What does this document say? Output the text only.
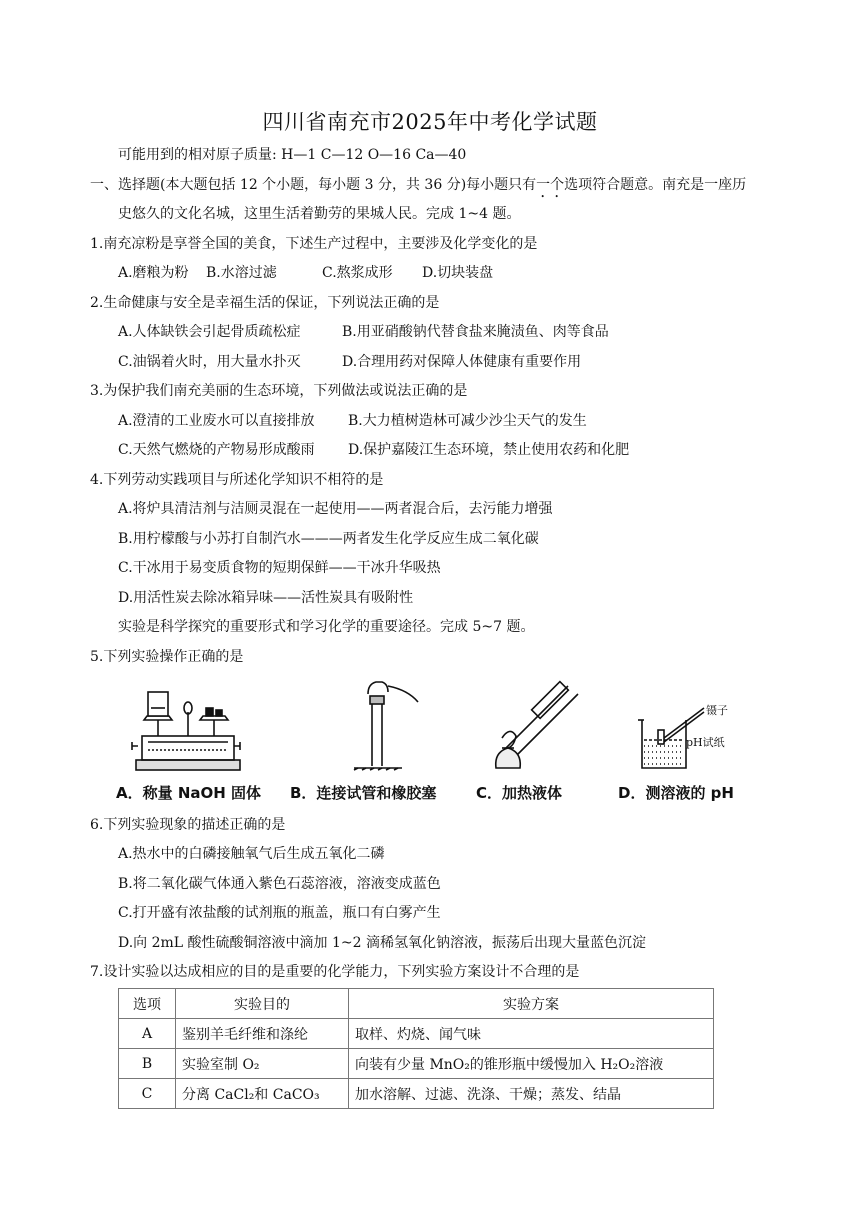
四川省南充市2025年中考化学试题
可能用到的相对原子质量: H—1 C—12 O—16 Ca—40
一、选择题(本大题包括 12 个小题，每小题 3 分，共 36 分)每小题只有一个选项符合题意。南充是一座历
史悠久的文化名城，这里生活着勤劳的果城人民。完成 1~4 题。
1.南充凉粉是享誉全国的美食，下述生产过程中，主要涉及化学变化的是
A.磨粮为粉 B.水溶过滤	C.熬浆成形 D.切块装盘
2.生命健康与安全是幸福生活的保证，下列说法正确的是
A.人体缺铁会引起骨质疏松症	B.用亚硝酸钠代替食盐来腌渍鱼、肉等食品
C.油锅着火时，用大量水扑灭	D.合理用药对保障人体健康有重要作用
3.为保护我们南充美丽的生态环境，下列做法或说法正确的是
A.澄清的工业废水可以直接排放 B.大力植树造林可减少沙尘天气的发生
C.天然气燃烧的产物易形成酸雨 D.保护嘉陵江生态环境，禁止使用农药和化肥
4.下列劳动实践项目与所述化学知识不相符的是
A.将炉具清洁剂与洁厕灵混在一起使用——两者混合后，去污能力增强
B.用柠檬酸与小苏打自制汽水———两者发生化学反应生成二氧化碳
C.干冰用于易变质食物的短期保鲜——干冰升华吸热
D.用活性炭去除冰箱异味——活性炭具有吸附性
实验是科学探究的重要形式和学习化学的重要途径。完成 5~7 题。
5.下列实验操作正确的是
A．称量 NaOH 固体 B．连接试管和橡胶塞	C．加热液体
镊子
pH试纸
D．测溶液的 pH
6.下列实验现象的描述正确的是
A.热水中的白磷接触氧气后生成五氧化二磷
B.将二氧化碳气体通入紫色石蕊溶液，溶液变成蓝色
C.打开盛有浓盐酸的试剂瓶的瓶盖，瓶口有白雾产生
D.向 2mL 酸性硫酸铜溶液中滴加 1~2 滴稀氢氧化钠溶液，振荡后出现大量蓝色沉淀
7.设计实验以达成相应的目的是重要的化学能力，下列实验方案设计不合理的是
选项	实验目的	实验方案
A	鉴别羊毛纤维和涤纶	取样、灼烧、闻气味
B	实验室制 O₂	向装有少量 MnO₂的锥形瓶中缓慢加入 H₂O₂溶液
C	分离 CaCl₂和 CaCO₃	加水溶解、过滤、洗涤、干燥；蒸发、结晶
